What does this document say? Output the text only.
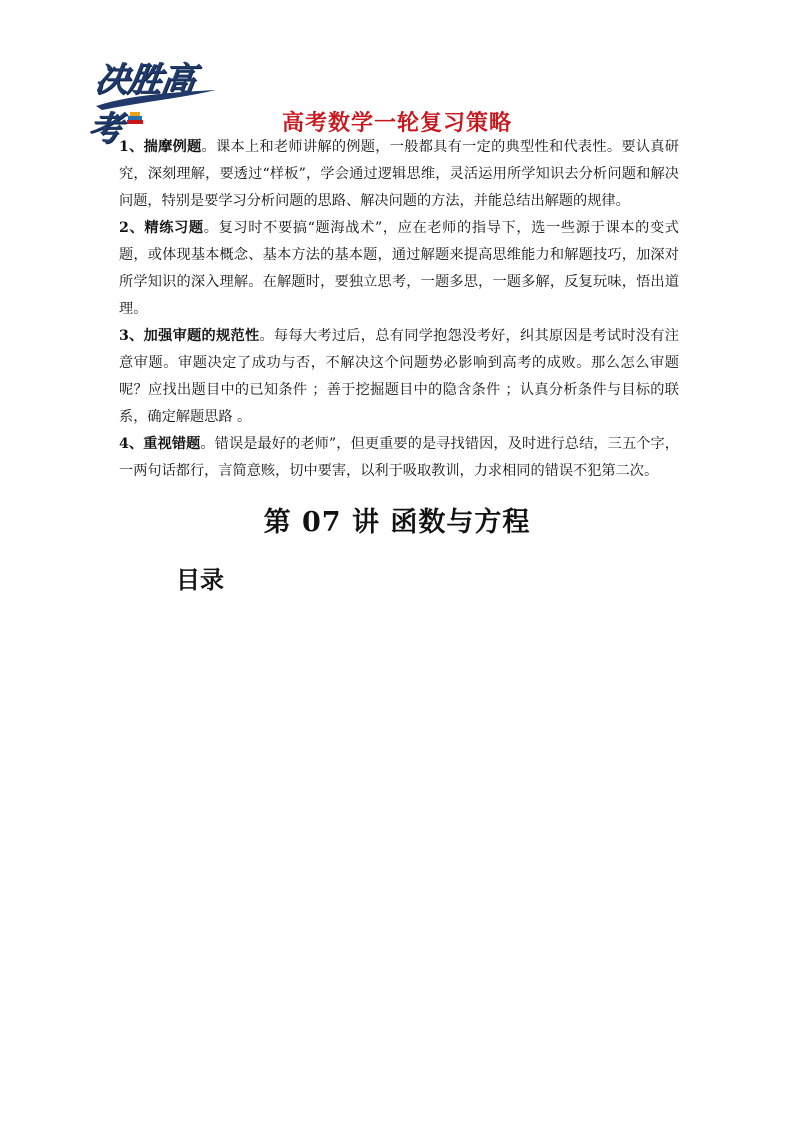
决胜高考	高考数学一轮复习策略

1、揣摩例题。课本上和老师讲解的例题，一般都具有一定的典型性和代表性。要认真研究，深刻理解，要透过“样板”，学会通过逻辑思维，灵活运用所学知识去分析问题和解决问题，特别是要学习分析问题的思路、解决问题的方法，并能总结出解题的规律。

2、精练习题。复习时不要搞“题海战术”，应在老师的指导下，选一些源于课本的变式题，或体现基本概念、基本方法的基本题，通过解题来提高思维能力和解题技巧，加深对所学知识的深入理解。在解题时，要独立思考，一题多思，一题多解，反复玩味，悟出道理。

3、加强审题的规范性。每每大考过后，总有同学抱怨没考好，纠其原因是考试时没有注意审题。审题决定了成功与否，不解决这个问题势必影响到高考的成败。那么怎么审题呢？应找出题目中的已知条件 ；善于挖掘题目中的隐含条件 ；认真分析条件与目标的联系，确定解题思路 。

4、重视错题。错误是最好的老师”，但更重要的是寻找错因，及时进行总结，三五个字，一两句话都行，言简意赅，切中要害，以利于吸取教训，力求相同的错误不犯第二次。

第 07 讲 函数与方程
目录
